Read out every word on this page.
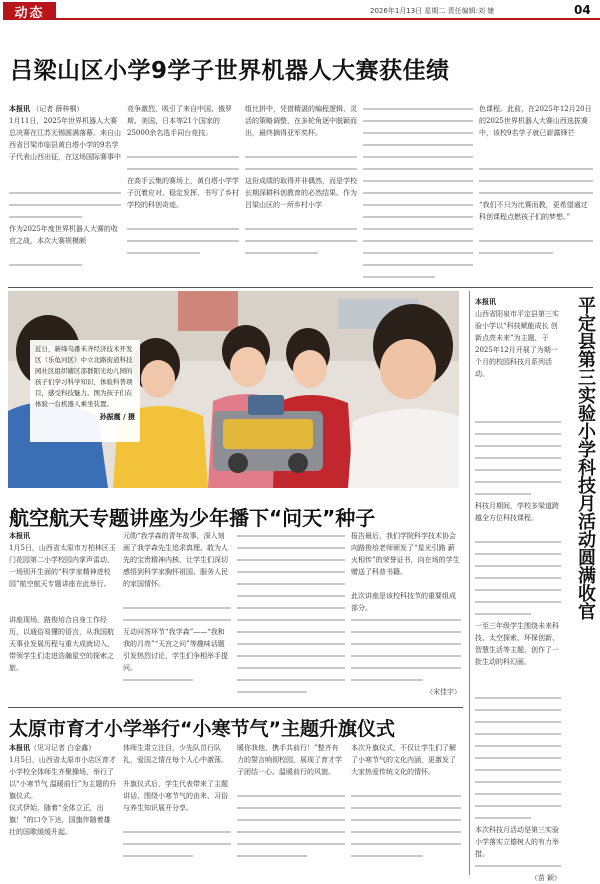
动态	2026年1月13日 星期二 责任编辑:刘 婕	04
吕梁山区小学9学子世界机器人大赛获佳绩
本报讯 （记者 薛梓桐）
1月11日，2025年世界机器人大赛总决赛在江苏无锡圆满落幕。来自山西省吕梁市临县黄白塔小学的9名学子代表山西出征，在这场国际赛事中
作为2025年度世界机器人大赛的收官之战，本次大赛规模颇
竞争激烈，吸引了来自中国、俄罗斯、美国、日本等21个国家的25000余名选手同台竞技。
在高手云集的赛场上，黄白塔小学学子沉着应对、稳定发挥，书写了乡村学校的科创奇迹。
组比拼中，凭借精湛的编程逻辑、灵活的策略调整，在多轮角逐中脱颖而出，最终摘得亚军奖杯。
这份成绩的取得并非偶然，而是学校长期深耕科创教育的必然结果。作为吕梁山区的一所乡村小学
色课程。此前，在2025年12月20日的2025世界机器人大赛山西选拔赛中，该校9名学子就已崭露锋芒
“我们不只为比赛而教，更希望通过科创课程点燃孩子们的梦想。”
近日，新绛乌番禾齐经济技术开发区（乐龟河区）中立北路街道科技园社区组织辖区部群阳光幼儿园的孩子们学习科学知识，体验科普项目，感受科技魅力。图为孩子们在体验一台机器人乘坐装置。
孙振震 / 摄	平定县第三实验小学科技月活动圆满收官
本报讯
山西省阳泉市平定县第三实验小学以“科技赋能成长 创新点亮未来”为主题，于2025年12月开展了为期一个月的校园科技月系列活动。
科技月期间，学校多梁道跨越全方位科技课程。
一至三年级学生围绕未来科技、太空探索、环保创新、智慧生活等主题，创作了一批生动的科幻画。
本次科技月活动是第三实验小学落实立德树人的有力举措。
（苗 颖）
航空航天专题讲座为少年播下“问天”种子
本报讯
1月5日，山西省太原市万柏林区玉门花园第二小学校园内掌声雷动，一场别开生面的“科学家精神进校园”航空航天专题讲座在此举行。
讲座现场，路俊培合自身工作经历，以通俗易懂的语言，从我国航天事业发展历程与重大成就切入，带领学生们走进浩瀚星空的探索之旅。
元勋“我学森的青年故事，深入刻画了我学森先生追求真理、敢为人先的宝贵精神内核，让学生们深切感悟到科学家胸怀祖国、服务人民的家国情怀。
互动问答环节“我学森”——“我和我的月亮”“天宫之问”等趣味话题引发热烈讨论，学生们争相举手提问。
报告最后，我们学院科学技术协会向路俊培老师颁发了“星光引路 薪火相传”的荣誉证书，向在场的学生赠送了科普书籍。
此次讲座是该校科技节的重要组成部分。
（宋佳宇）
太原市育才小学举行“小寒节气”主题升旗仪式
本报讯（见习记者 白金鑫）
1月5日，山西省太原市小店区育才小学校全体师生齐聚操场，举行了以“小寒节气 温暖前行”为主题的升旗仪式。
仪式伊始，随着“全体立正，出旗！”的口令下达，国旗伴随着雄壮的国歌缓缓升起。
体师生肃立注目，少先队员行队礼，爱国之情在每个人心中激荡。
升旗仪式后，学生代表带来了主题讲话，围绕小寒节气的由来、习俗与养生知识展开分享。
暖你我他，携手共前行！”整齐有力的誓言响彻校园，展现了育才学子团结一心、温暖前行的风貌。
本次升旗仪式，不仅让学生们了解了小寒节气的文化内涵，更激发了大家热爱传统文化的情怀。
